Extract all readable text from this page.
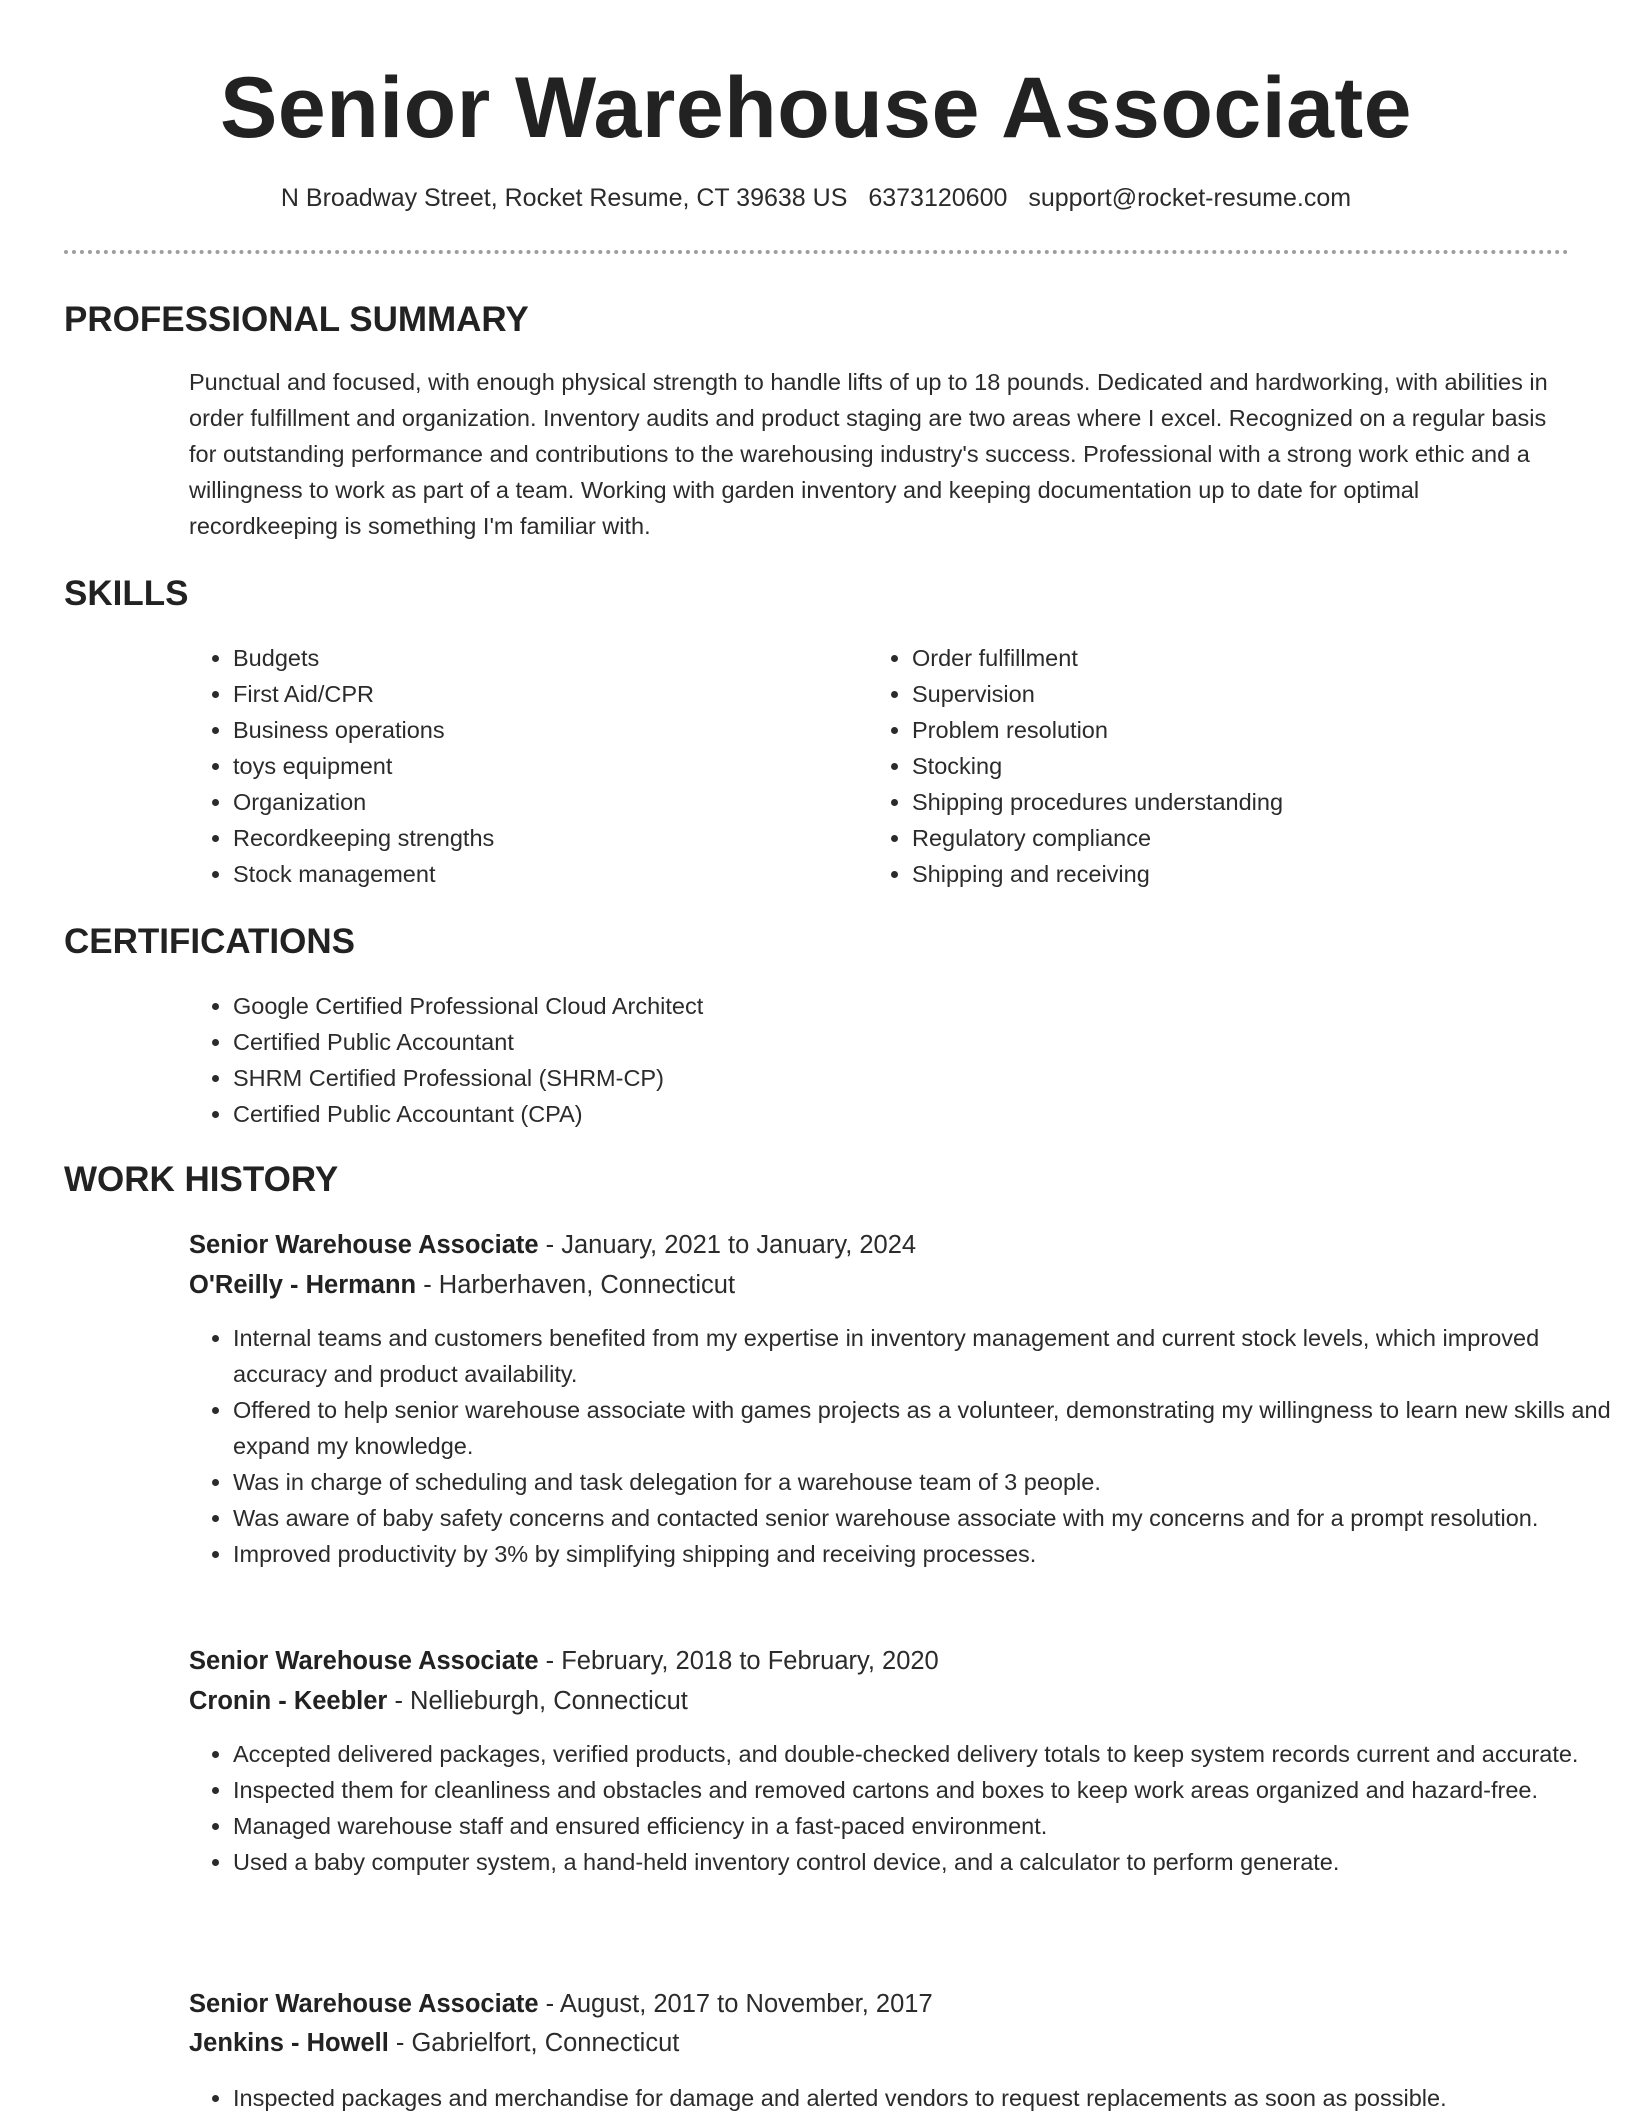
Senior Warehouse Associate
N Broadway Street, Rocket Resume, CT 39638 US 6373120600 support@rocket-resume.com
PROFESSIONAL SUMMARY

Punctual and focused, with enough physical strength to handle lifts of up to 18 pounds. Dedicated and hardworking, with abilities in order fulfillment and organization. Inventory audits and product staging are two areas where I excel. Recognized on a regular basis for outstanding performance and contributions to the warehousing industry's success. Professional with a strong work ethic and a willingness to work as part of a team. Working with garden inventory and keeping documentation up to date for optimal recordkeeping is something I'm familiar with.

SKILLS
• Budgets
• First Aid/CPR
• Business operations
• toys equipment
• Organization
• Recordkeeping strengths
• Stock management
• Order fulfillment
• Supervision
• Problem resolution
• Stocking
• Shipping procedures understanding
• Regulatory compliance
• Shipping and receiving
CERTIFICATIONS
• Google Certified Professional Cloud Architect
• Certified Public Accountant
• SHRM Certified Professional (SHRM-CP)
• Certified Public Accountant (CPA)
WORK HISTORY
Senior Warehouse Associate - January, 2021 to January, 2024
O'Reilly - Hermann - Harberhaven, Connecticut
• Internal teams and customers benefited from my expertise in inventory management and current stock levels, which improved accuracy and product availability.
• Offered to help senior warehouse associate with games projects as a volunteer, demonstrating my willingness to learn new skills and expand my knowledge.
• Was in charge of scheduling and task delegation for a warehouse team of 3 people.
• Was aware of baby safety concerns and contacted senior warehouse associate with my concerns and for a prompt resolution.
• Improved productivity by 3% by simplifying shipping and receiving processes.
Senior Warehouse Associate - February, 2018 to February, 2020
Cronin - Keebler - Nellieburgh, Connecticut
• Accepted delivered packages, verified products, and double-checked delivery totals to keep system records current and accurate.
• Inspected them for cleanliness and obstacles and removed cartons and boxes to keep work areas organized and hazard-free.
• Managed warehouse staff and ensured efficiency in a fast-paced environment.
• Used a baby computer system, a hand-held inventory control device, and a calculator to perform generate.
Senior Warehouse Associate - August, 2017 to November, 2017
Jenkins - Howell - Gabrielfort, Connecticut
• Inspected packages and merchandise for damage and alerted vendors to request replacements as soon as possible.
